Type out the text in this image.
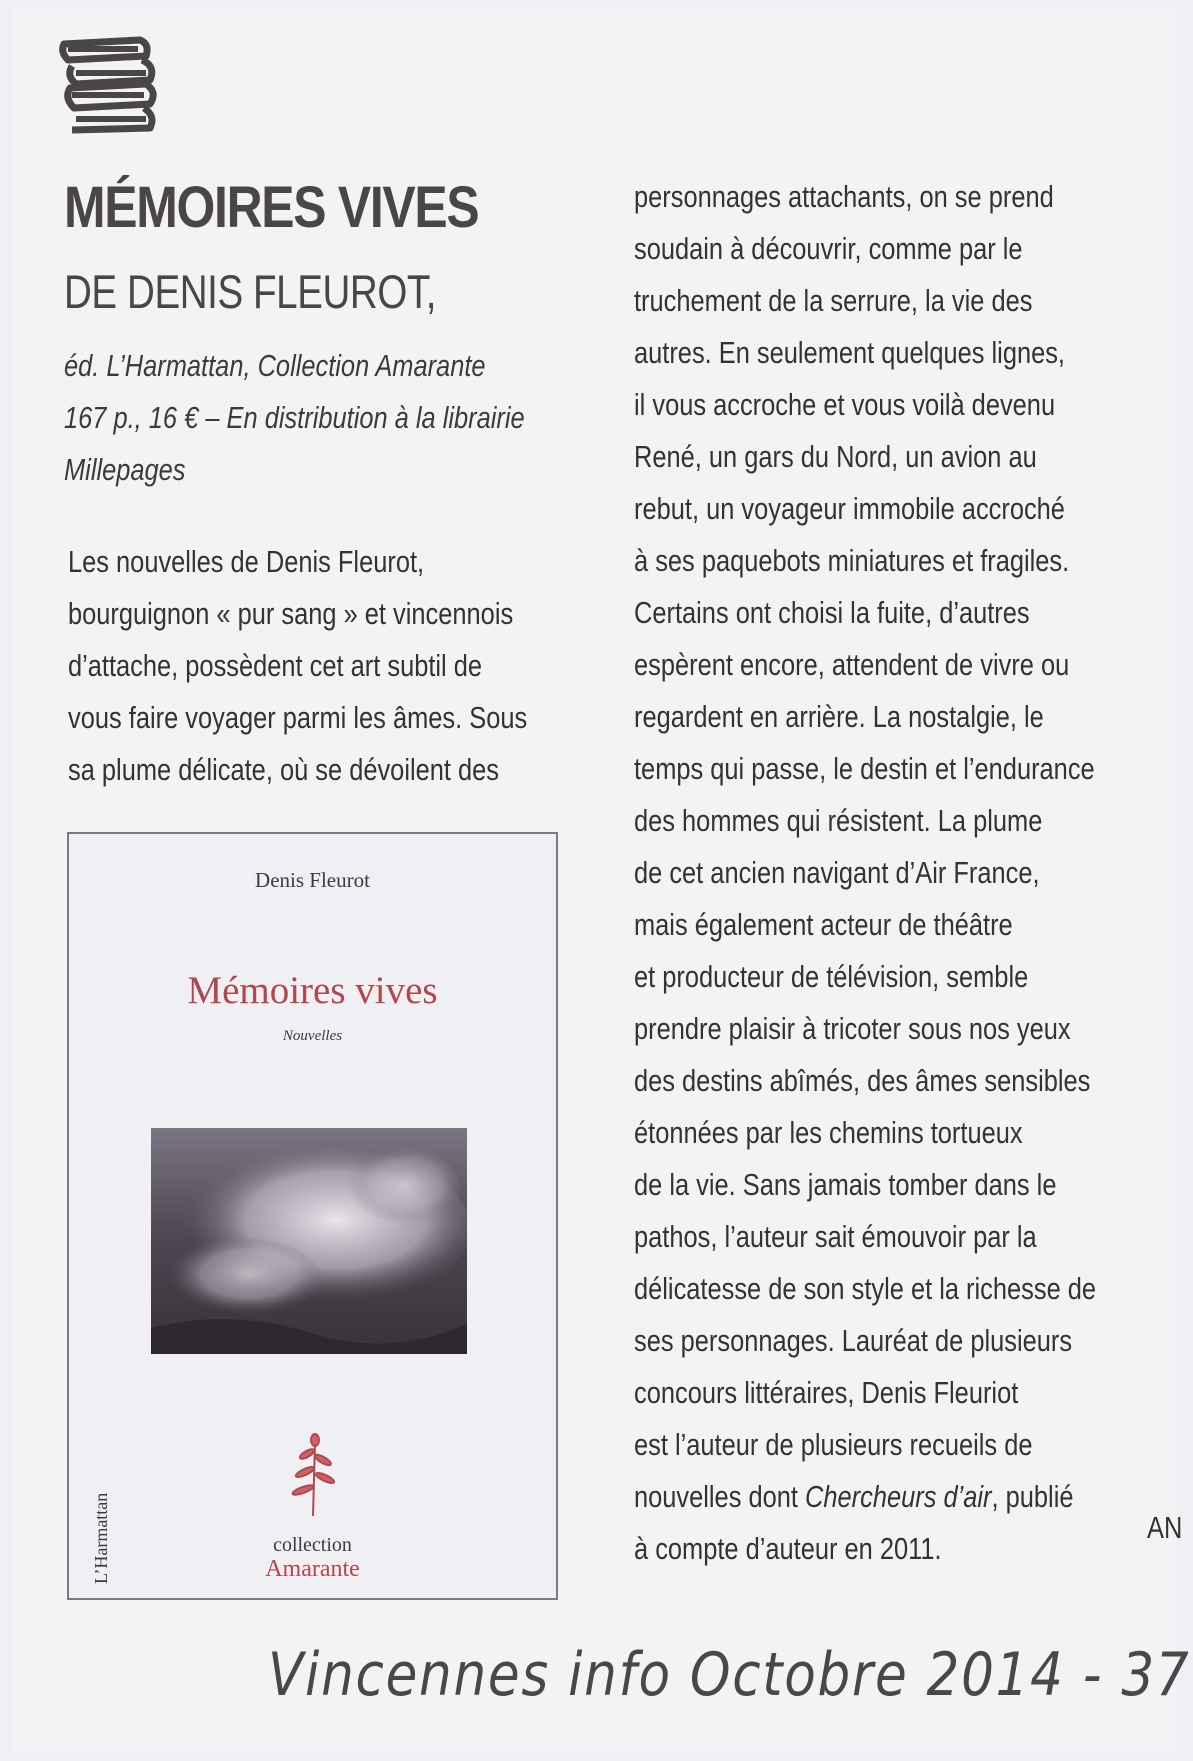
MÉMOIRES VIVES
DE DENIS FLEUROT,
éd. L’Harmattan, Collection Amarante
167 p., 16 € – En distribution à la librairie
Millepages
Les nouvelles de Denis Fleurot,
bourguignon « pur sang » et vincennois
d’attache, possèdent cet art subtil de
vous faire voyager parmi les âmes. Sous
sa plume délicate, où se dévoilent des
personnages attachants, on se prend
soudain à découvrir, comme par le
truchement de la serrure, la vie des
autres. En seulement quelques lignes,
il vous accroche et vous voilà devenu
René, un gars du Nord, un avion au
rebut, un voyageur immobile accroché
à ses paquebots miniatures et fragiles.
Certains ont choisi la fuite, d’autres
espèrent encore, attendent de vivre ou
regardent en arrière. La nostalgie, le
temps qui passe, le destin et l’endurance
des hommes qui résistent. La plume
de cet ancien navigant d’Air France,
mais également acteur de théâtre
et producteur de télévision, semble
prendre plaisir à tricoter sous nos yeux
des destins abîmés, des âmes sensibles
étonnées par les chemins tortueux
de la vie. Sans jamais tomber dans le
pathos, l’auteur sait émouvoir par la
délicatesse de son style et la richesse de
ses personnages. Lauréat de plusieurs
concours littéraires, Denis Fleuriot
est l’auteur de plusieurs recueils de
nouvelles dont Chercheurs d’air, publié
à compte d’auteur en 2011.
AN
Denis Fleurot
Mémoires vives
Nouvelles
collection
Amarante
L’Harmattan
Vincennes info Octobre 2014 - 37
